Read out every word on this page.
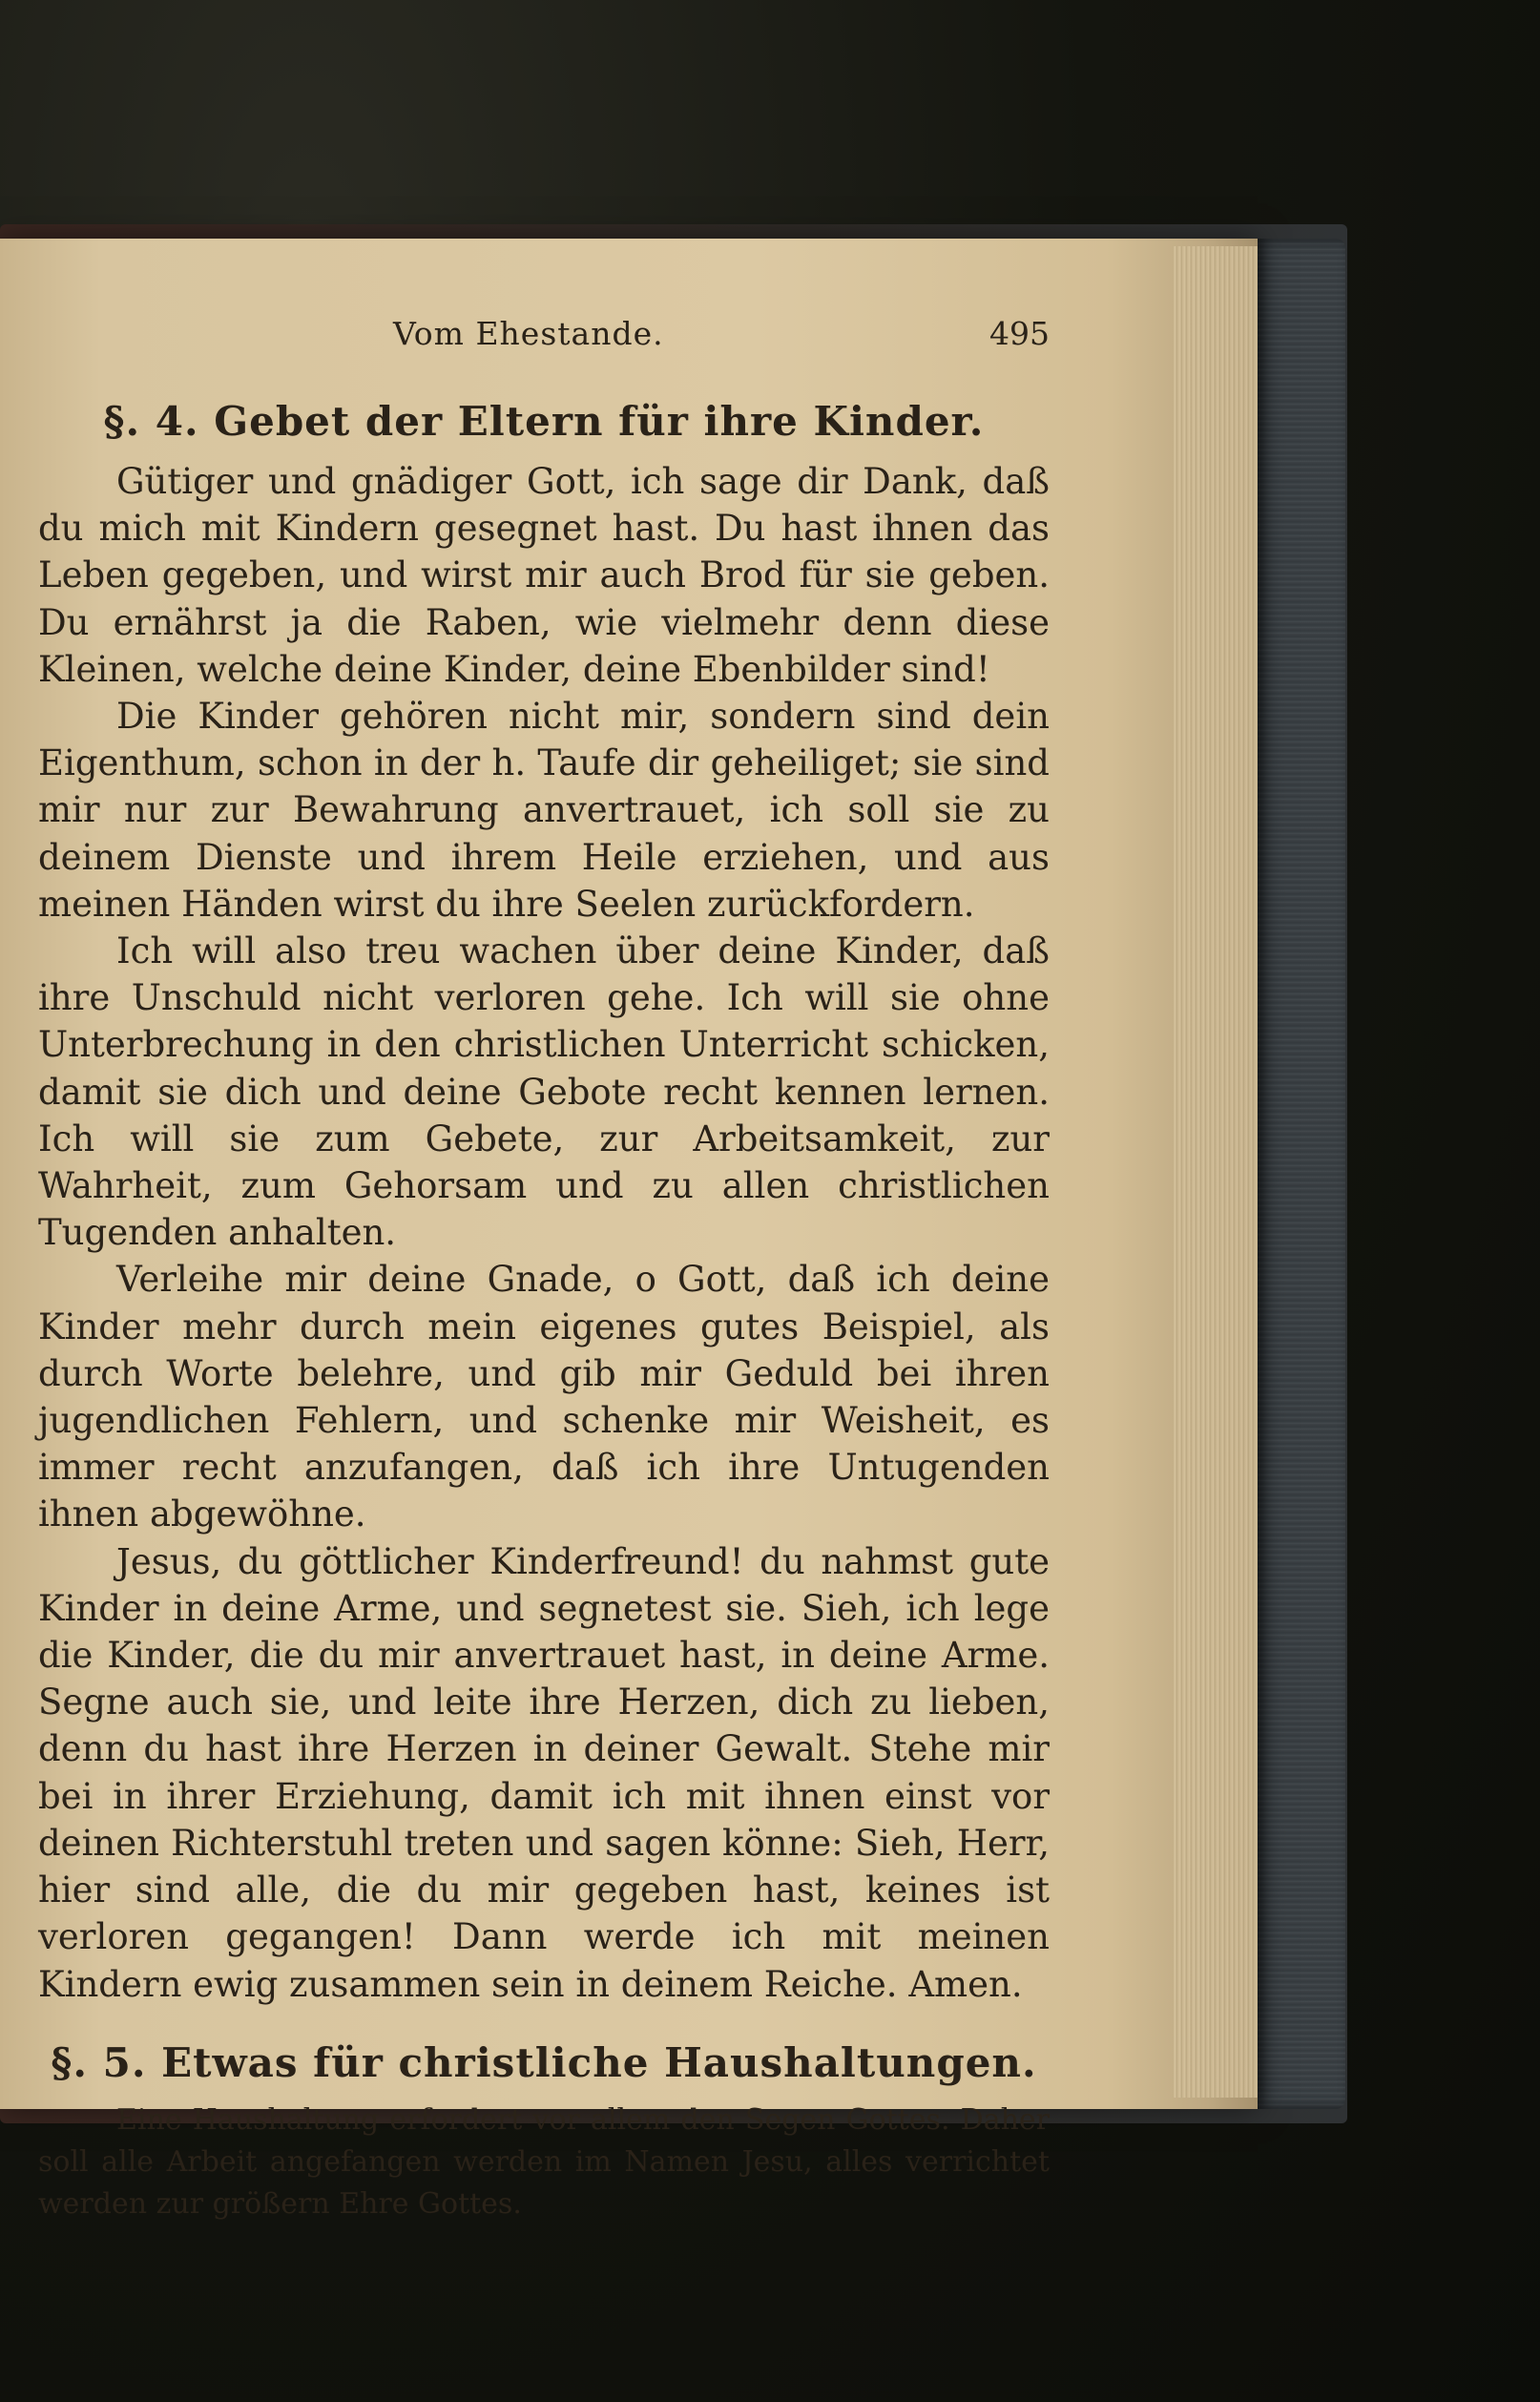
Vom Ehestande.	495
§. 4. Gebet der Eltern für ihre Kinder.

Gütiger und gnädiger Gott, ich sage dir Dank, daß du mich mit Kindern gesegnet hast. Du hast ihnen das Leben gegeben, und wirst mir auch Brod für sie geben. Du ernährst ja die Raben, wie vielmehr denn diese Kleinen, welche deine Kinder, deine Ebenbilder sind!

Die Kinder gehören nicht mir, sondern sind dein Eigenthum, schon in der h. Taufe dir geheiliget; sie sind mir nur zur Bewahrung anvertrauet, ich soll sie zu deinem Dienste und ihrem Heile erziehen, und aus meinen Händen wirst du ihre Seelen zurückfordern.

Ich will also treu wachen über deine Kinder, daß ihre Unschuld nicht verloren gehe. Ich will sie ohne Unterbrechung in den christlichen Unterricht schicken, damit sie dich und deine Gebote recht kennen lernen. Ich will sie zum Gebete, zur Arbeitsamkeit, zur Wahrheit, zum Gehorsam und zu allen christlichen Tugenden anhalten.

Verleihe mir deine Gnade, o Gott, daß ich deine Kinder mehr durch mein eigenes gutes Beispiel, als durch Worte belehre, und gib mir Geduld bei ihren jugendlichen Fehlern, und schenke mir Weisheit, es immer recht anzufangen, daß ich ihre Untugenden ihnen abgewöhne.

Jesus, du göttlicher Kinderfreund! du nahmst gute Kinder in deine Arme, und segnetest sie. Sieh, ich lege die Kinder, die du mir anvertrauet hast, in deine Arme. Segne auch sie, und leite ihre Herzen, dich zu lieben, denn du hast ihre Herzen in deiner Gewalt. Stehe mir bei in ihrer Erziehung, damit ich mit ihnen einst vor deinen Richterstuhl treten und sagen könne: Sieh, Herr, hier sind alle, die du mir gegeben hast, keines ist verloren gegangen! Dann werde ich mit meinen Kindern ewig zusammen sein in deinem Reiche. Amen.

§. 5. Etwas für christliche Haushaltungen.

Eine Haushaltung erfordert vor allem den Segen Gottes. Daher soll alle Arbeit angefangen werden im Namen Jesu, alles verrichtet werden zur größern Ehre Gottes.
